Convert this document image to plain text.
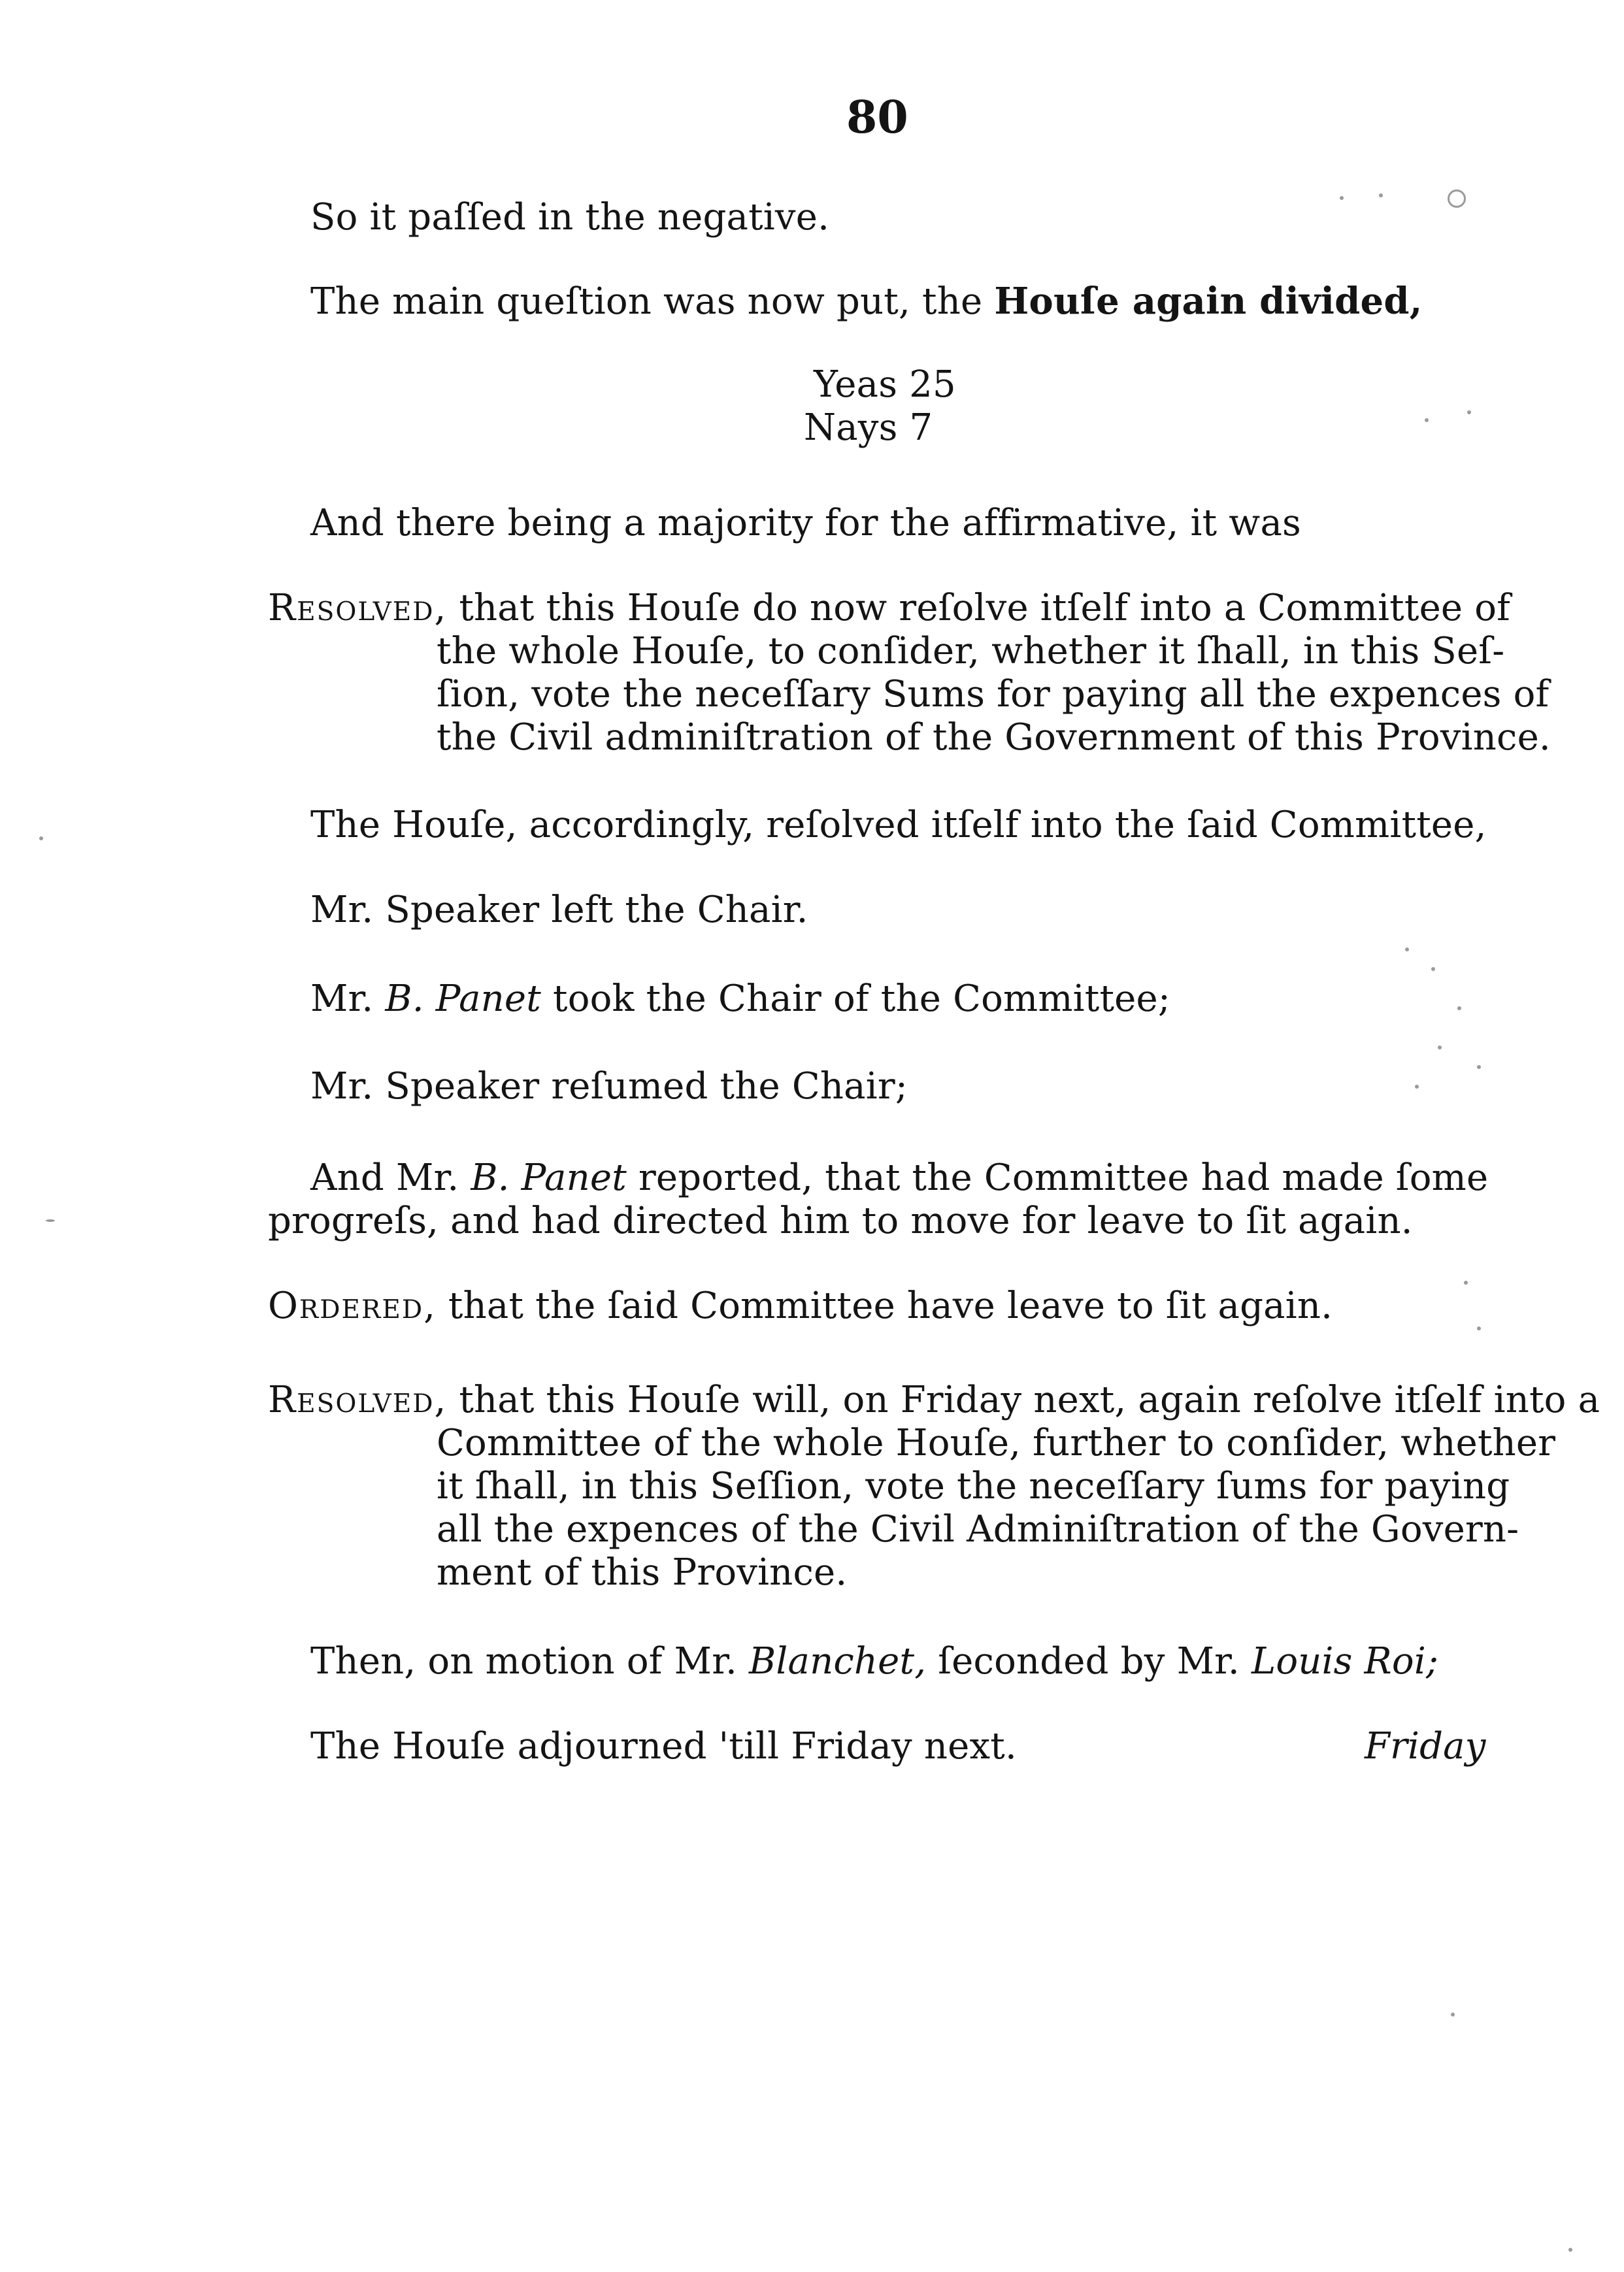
80
So it paſſed in the negative.
The main queſtion was now put, the Houſe again divided,
Yeas 25
Nays 7
And there being a majority for the affirmative, it was
Resolved, that this Houſe do now reſolve itſelf into a Committee of
the whole Houſe, to conſider, whether it ſhall, in this Seſ-
ſion, vote the neceſſary Sums for paying all the expences of
the Civil adminiſtration of the Government of this Province.
The Houſe, accordingly, reſolved itſelf into the ſaid Committee,
Mr. Speaker left the Chair.
Mr. B. Panet took the Chair of the Committee;
Mr. Speaker reſumed the Chair;
And Mr. B. Panet reported, that the Committee had made ſome
progreſs, and had directed him to move for leave to ſit again.
Ordered, that the ſaid Committee have leave to ſit again.
Resolved, that this Houſe will, on Friday next, again reſolve itſelf into a
Committee of the whole Houſe, further to conſider, whether
it ſhall, in this Seſſion, vote the neceſſary ſums for paying
all the expences of the Civil Adminiſtration of the Govern-
ment of this Province.
Then, on motion of Mr. Blanchet, ſeconded by Mr. Louis Roi;
The Houſe adjourned 'till Friday next.	Friday
